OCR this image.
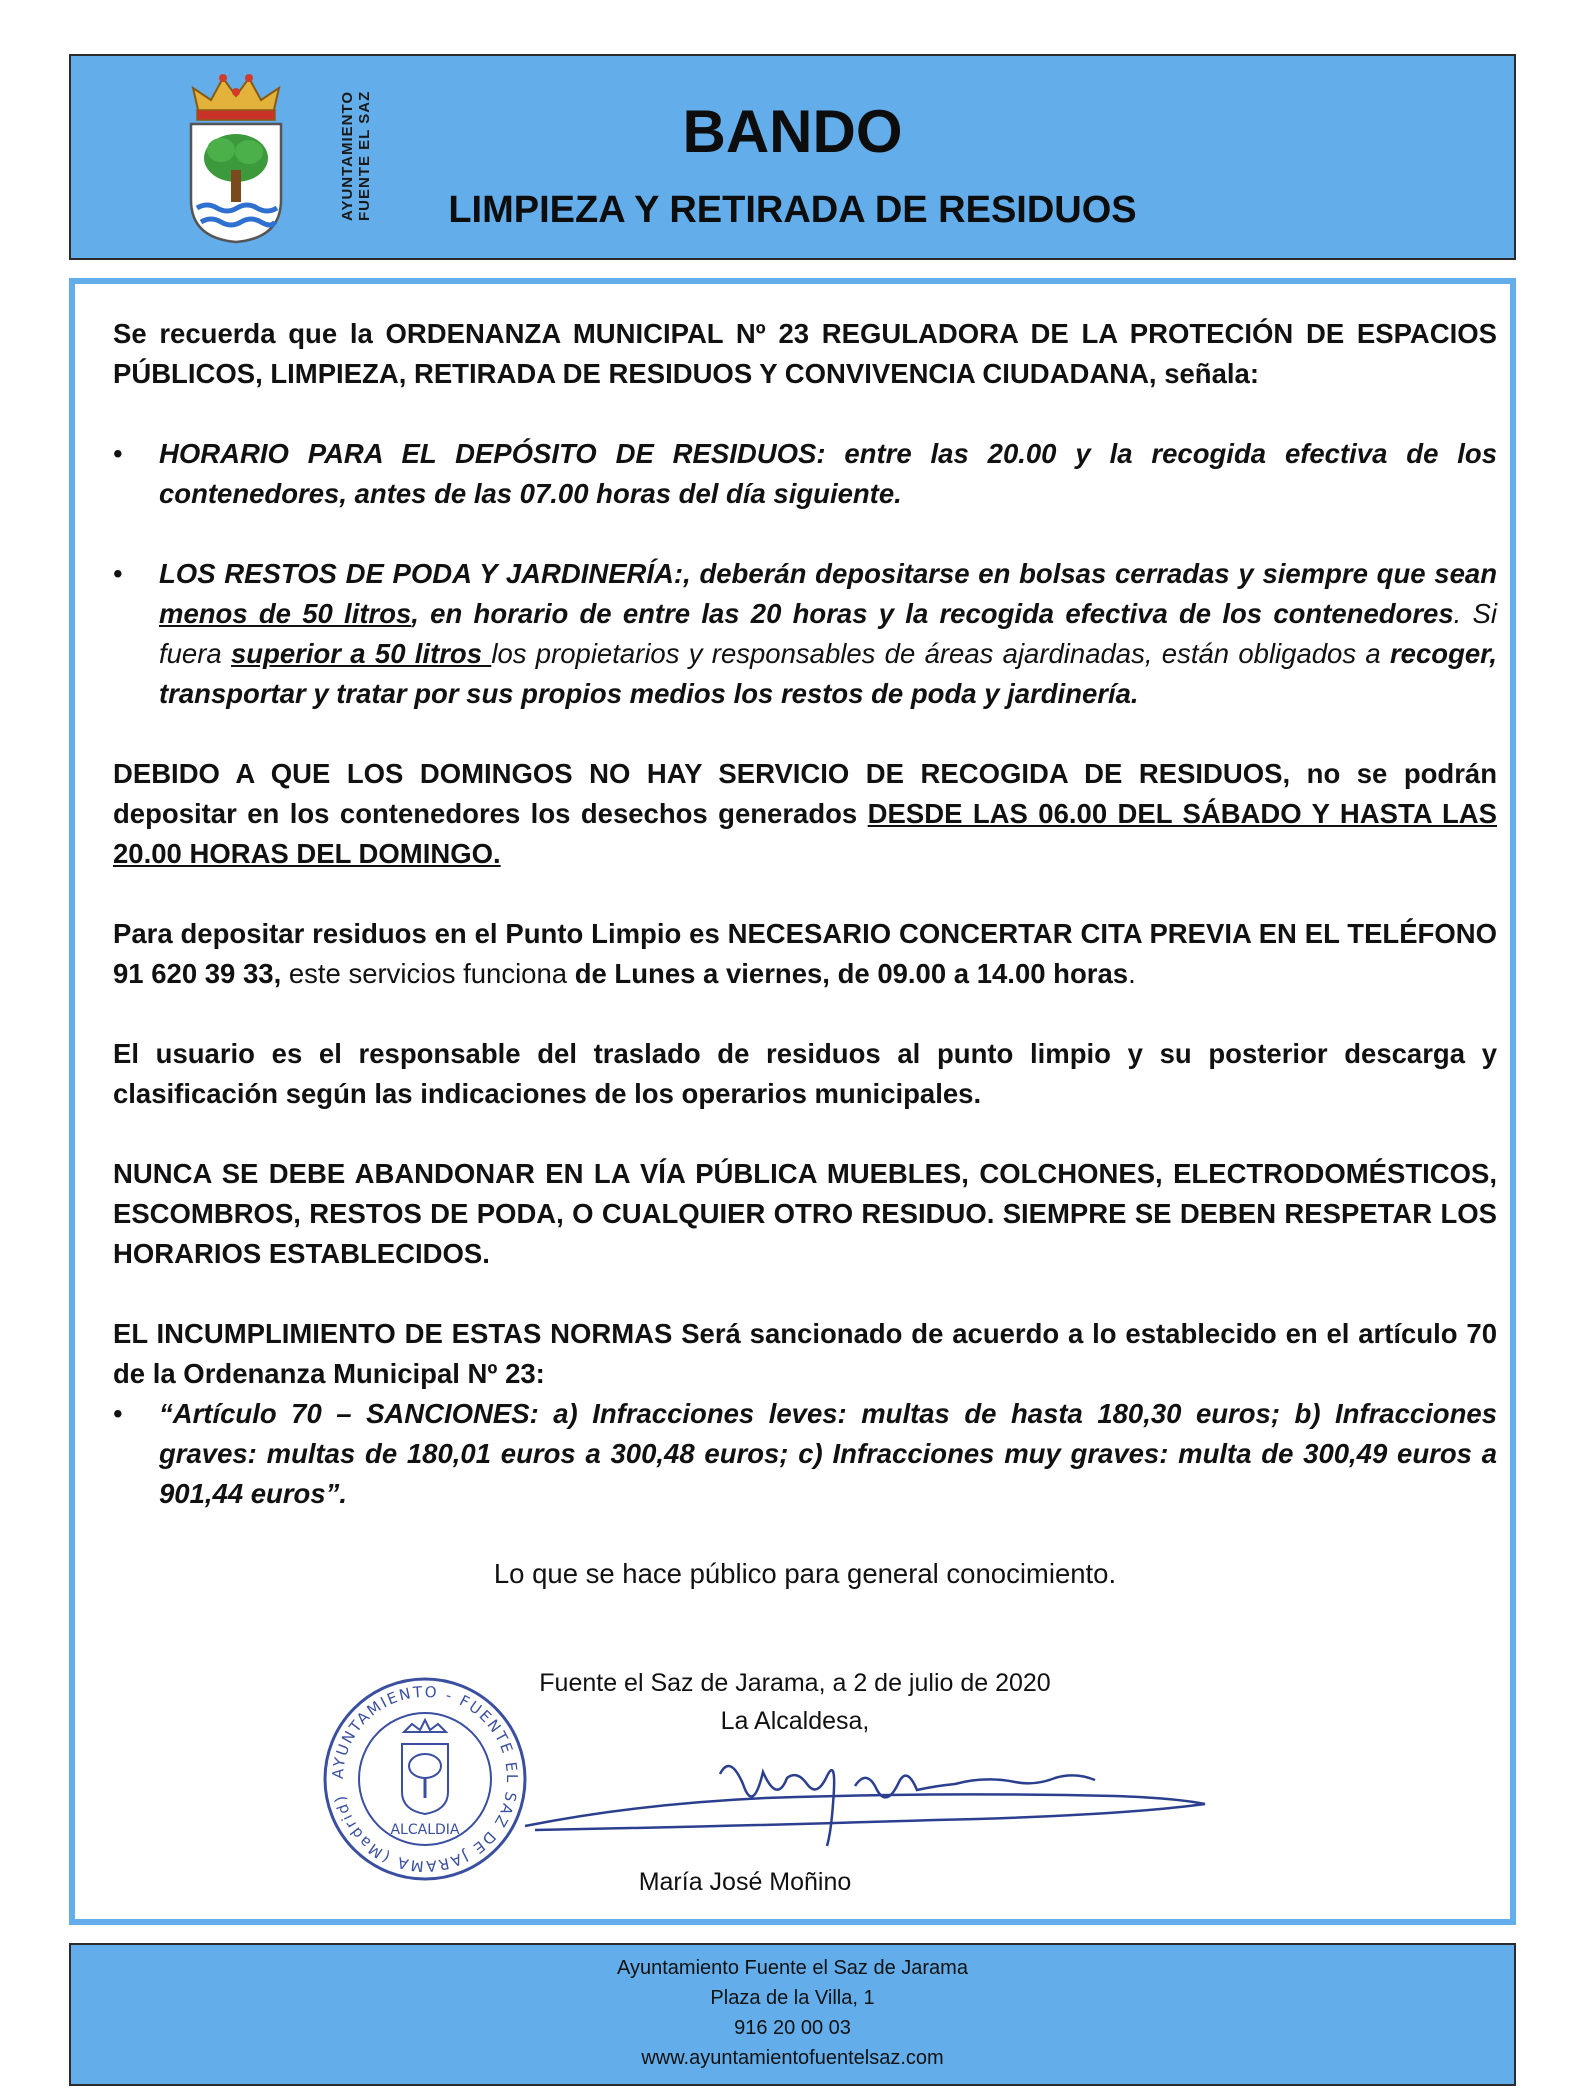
AYUNTAMIENTO FUENTE EL SAZ	BANDO
LIMPIEZA Y RETIRADA DE RESIDUOS

Se recuerda que la ORDENANZA MUNICIPAL Nº 23 REGULADORA DE LA PROTECIÓN DE ESPACIOS PÚBLICOS, LIMPIEZA, RETIRADA DE RESIDUOS Y CONVIVENCIA CIUDADANA, señala:

• HORARIO PARA EL DEPÓSITO DE RESIDUOS: entre las 20.00 y la recogida efectiva de los contenedores, antes de las 07.00 horas del día siguiente.
• LOS RESTOS DE PODA Y JARDINERÍA:, deberán depositarse en bolsas cerradas y siempre que sean menos de 50 litros, en horario de entre las 20 horas y la recogida efectiva de los contenedores. Si fuera superior a 50 litros los propietarios y responsables de áreas ajardinadas, están obligados a recoger, transportar y tratar por sus propios medios los restos de poda y jardinería.

DEBIDO A QUE LOS DOMINGOS NO HAY SERVICIO DE RECOGIDA DE RESIDUOS, no se podrán depositar en los contenedores los desechos generados DESDE LAS 06.00 DEL SÁBADO Y HASTA LAS 20.00 HORAS DEL DOMINGO.

Para depositar residuos en el Punto Limpio es NECESARIO CONCERTAR CITA PREVIA EN EL TELÉFONO 91 620 39 33, este servicios funciona de Lunes a viernes, de 09.00 a 14.00 horas.

El usuario es el responsable del traslado de residuos al punto limpio y su posterior descarga y clasificación según las indicaciones de los operarios municipales.

NUNCA SE DEBE ABANDONAR EN LA VÍA PÚBLICA MUEBLES, COLCHONES, ELECTRODOMÉSTICOS, ESCOMBROS, RESTOS DE PODA, O CUALQUIER OTRO RESIDUO. SIEMPRE SE DEBEN RESPETAR LOS HORARIOS ESTABLECIDOS.

EL INCUMPLIMIENTO DE ESTAS NORMAS Será sancionado de acuerdo a lo establecido en el artículo 70 de la Ordenanza Municipal Nº 23:

• “Artículo 70 – SANCIONES: a) Infracciones leves: multas de hasta 180,30 euros; b) Infracciones graves: multas de 180,01 euros a 300,48 euros; c) Infracciones muy graves: multa de 300,49 euros a 901,44 euros”.

Lo que se hace público para general conocimiento.

AYUNTAMIENTO - FUENTE EL SAZ DE JARAMA (Madrid)
ALCALDIA
Fuente el Saz de Jarama, a 2 de julio de 2020
La Alcaldesa,
María José Moñino
Ayuntamiento Fuente el Saz de Jarama
Plaza de la Villa, 1
916 20 00 03
www.ayuntamientofuentelsaz.com
